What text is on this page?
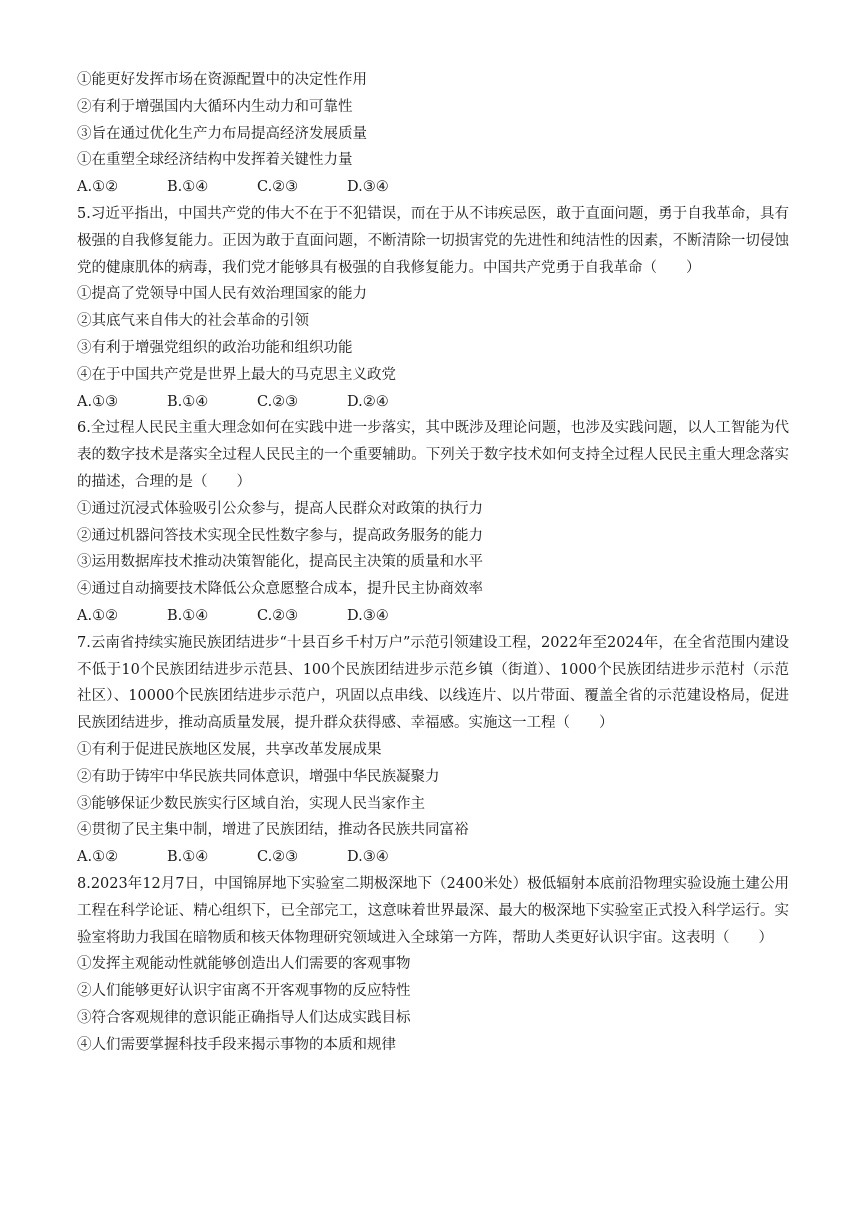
①能更好发挥市场在资源配置中的决定性作用
②有利于增强国内大循环内生动力和可靠性
③旨在通过优化生产力布局提高经济发展质量
①在重塑全球经济结构中发挥着关键性力量
A.①②	B.①④	C.②③	D.③④
5.习近平指出，中国共产党的伟大不在于不犯错误，而在于从不讳疾忌医，敢于直面问题，勇于自我革命，具有极强的自我修复能力。正因为敢于直面问题，不断清除一切损害党的先进性和纯洁性的因素，不断清除一切侵蚀党的健康肌体的病毒，我们党才能够具有极强的自我修复能力。中国共产党勇于自我革命（　　）
①提高了党领导中国人民有效治理国家的能力
②其底气来自伟大的社会革命的引领
③有利于增强党组织的政治功能和组织功能
④在于中国共产党是世界上最大的马克思主义政党
A.①③	B.①④	C.②③	D.②④
6.全过程人民民主重大理念如何在实践中进一步落实，其中既涉及理论问题，也涉及实践问题，以人工智能为代表的数字技术是落实全过程人民民主的一个重要辅助。下列关于数字技术如何支持全过程人民民主重大理念落实的描述，合理的是（　　）
①通过沉浸式体验吸引公众参与，提高人民群众对政策的执行力
②通过机器问答技术实现全民性数字参与，提高政务服务的能力
③运用数据库技术推动决策智能化，提高民主决策的质量和水平
④通过自动摘要技术降低公众意愿整合成本，提升民主协商效率
A.①②	B.①④	C.②③	D.③④
7.云南省持续实施民族团结进步“十县百乡千村万户”示范引领建设工程，2022年至2024年，在全省范围内建设不低于10个民族团结进步示范县、100个民族团结进步示范乡镇（街道）、1000个民族团结进步示范村（示范社区）、10000个民族团结进步示范户，巩固以点串线、以线连片、以片带面、覆盖全省的示范建设格局，促进民族团结进步，推动高质量发展，提升群众获得感、幸福感。实施这一工程（　　）
①有利于促进民族地区发展，共享改革发展成果
②有助于铸牢中华民族共同体意识，增强中华民族凝聚力
③能够保证少数民族实行区域自治，实现人民当家作主
④贯彻了民主集中制，增进了民族团结，推动各民族共同富裕
A.①②	B.①④	C.②③	D.③④
8.2023年12月7日，中国锦屏地下实验室二期极深地下（2400米处）极低辐射本底前沿物理实验设施土建公用工程在科学论证、精心组织下，已全部完工，这意味着世界最深、最大的极深地下实验室正式投入科学运行。实验室将助力我国在暗物质和核天体物理研究领域进入全球第一方阵，帮助人类更好认识宇宙。这表明（　　）
①发挥主观能动性就能够创造出人们需要的客观事物
②人们能够更好认识宇宙离不开客观事物的反应特性
③符合客观规律的意识能正确指导人们达成实践目标
④人们需要掌握科技手段来揭示事物的本质和规律
